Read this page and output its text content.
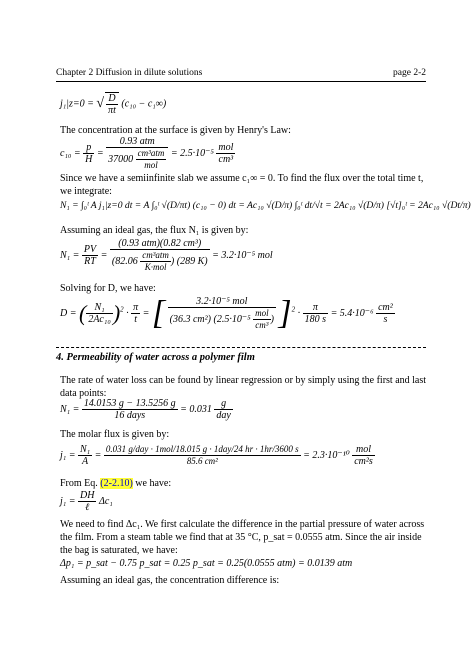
Chapter 2 Diffusion in dilute solutions	page 2-2
j₁|z=0 = √ $\frac{D}{\pi t} (c_{10} - c_1\infty)$
The concentration at the surface is given by Henry's Law:
$c_{10} = \frac{p}{H} = \frac{\text{0.93 atm}}{37000 \frac{\text{cm³atm}}{\text{mol}}} = 2.5\cdot 10^{-5} \frac{\text{mol}}{\text{cm³}}$
Since we have a semiinfinite slab we assume c₁∞ = 0. To find the flux over the total time t, we integrate:
N₁ = ∫₀ᵗ A j₁|z=0 dt = A ∫₀ᵗ √(D/πt) (c₁₀ − 0) dt = Ac₁₀ √(D/π) ∫₀ᵗ dt/√t = 2Ac₁₀ √(D/π) [√t]₀ᵗ = 2Ac₁₀ √(Dt/π)
Assuming an ideal gas, the flux N₁ is given by:
$N_1 = \frac{PV}{RT} = \frac{\text{(0.93 atm)(0.82 cm³)}}{(82.06 \frac{\text{cm³atm}}{\text{K·mol}} ) (289 K)} = 3.2\cdot 10^{-5}$ mol
Solving for D, we have:
D = ( $\frac{\text{N₁}}{\text{2Ac₁₀}} )^2 \cdot \frac{\pi}{t}$ = [ $\frac{\text{3.2·10⁻⁵ mol}}{(36.3 cm^2) (2.5\cdot 10^{-5} \frac{\text{mol}}{\text{cm³}} )} ]^2 \cdot \frac{\pi}{180 s} = 5.4\cdot 10^{-6} \frac{\text{cm²}}{s}$
4. Permeability of water across a polymer film
The rate of water loss can be found by linear regression or by simply using the first and last data points:
$N_1 = \frac{14.0153 g - 13.5256 g}{\text{16 days}} = 0.031 \frac{g}{\text{day}}$
The molar flux is given by:
$j_1 = \frac{\text{N₁}}{A} = \frac{\text{0.031 g/day · 1mol/18.015 g · 1day/24 hr · 1hr/3600 s}}{\text{85.6 cm²}} = 2.3\cdot 10^{-10} \frac{\text{mol}}{\text{cm²s}}$
From Eq. (2-2.10) we have:
$j_1 = \frac{DH}{\text{ℓ}} \Delta c_1$
We need to find Δc₁. We first calculate the difference in the partial pressure of water across the film. From a steam table we find that at 35 °C, p_sat = 0.0555 atm. Since the air inside the bag is saturated, we have:
Δp₁ = p_sat − 0.75 p_sat = 0.25 p_sat = 0.25(0.0555 atm) = 0.0139 atm
Assuming an ideal gas, the concentration difference is:
